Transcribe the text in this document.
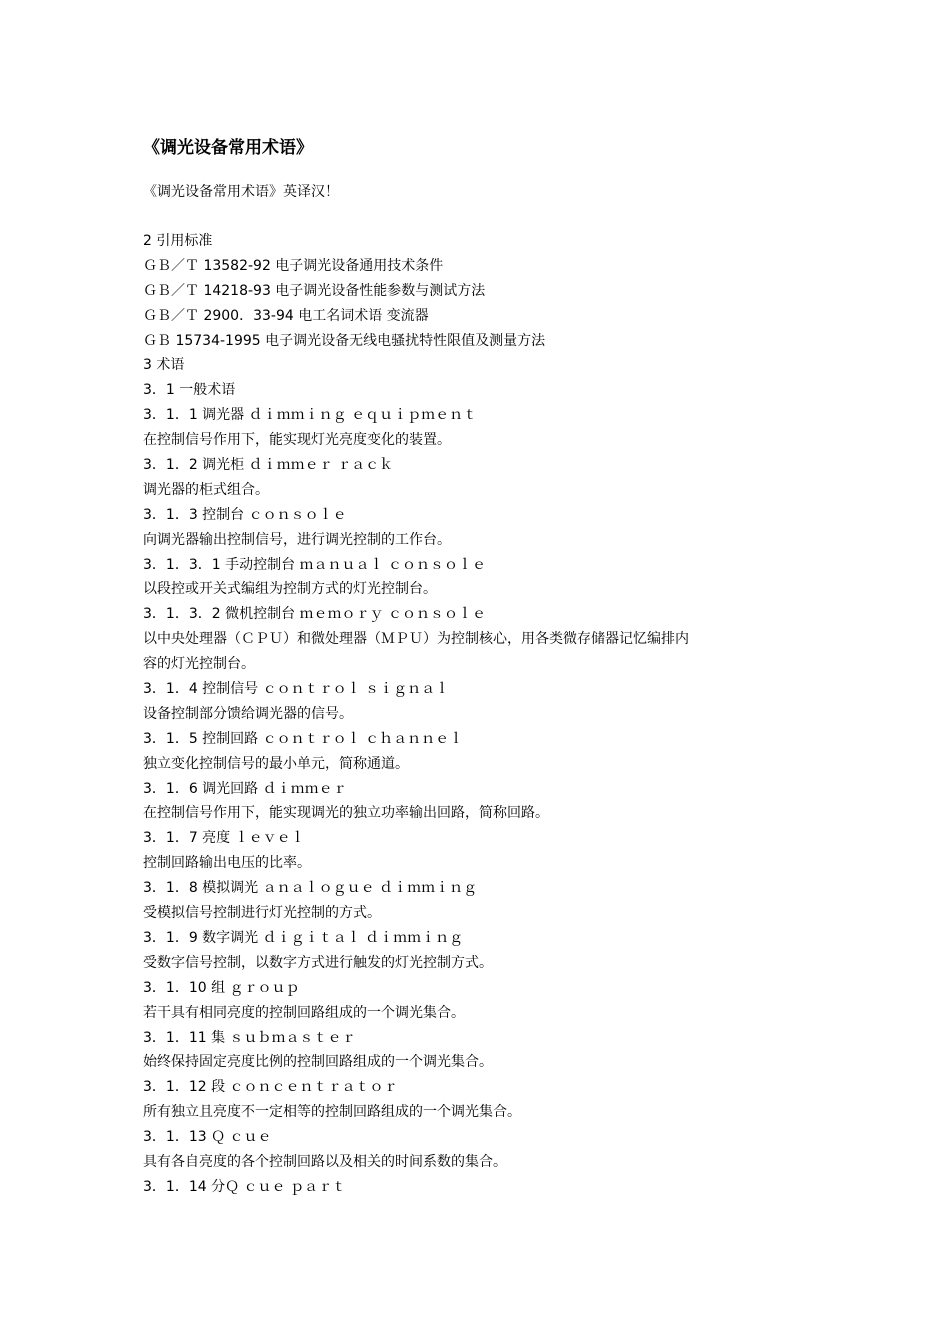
《调光设备常用术语》
《调光设备常用术语》英译汉！
2 引用标准
ＧＢ／Ｔ 13582-92 电子调光设备通用技术条件
ＧＢ／Ｔ 14218-93 电子调光设备性能参数与测试方法
ＧＢ／Ｔ 2900．33-94 电工名词术语 变流器
ＧＢ 15734-1995 电子调光设备无线电骚扰特性限值及测量方法
3 术语
3．1 一般术语
3．1．1 调光器 ｄｉｍｍｉｎｇ ｅｑｕｉｐｍｅｎｔ
在控制信号作用下，能实现灯光亮度变化的装置。
3．1．2 调光柜 ｄｉｍｍｅｒ ｒａｃｋ
调光器的柜式组合。
3．1．3 控制台 ｃｏｎｓｏｌｅ
向调光器输出控制信号，进行调光控制的工作台。
3．1．3．1 手动控制台 ｍａｎｕａｌ ｃｏｎｓｏｌｅ
以段控或开关式编组为控制方式的灯光控制台。
3．1．3．2 微机控制台 ｍｅｍｏｒｙ ｃｏｎｓｏｌｅ
以中央处理器（ＣＰＵ）和微处理器（ＭＰＵ）为控制核心，用各类微存储器记忆编排内
容的灯光控制台。
3．1．4 控制信号 ｃｏｎｔｒｏｌ ｓｉｇｎａｌ
设备控制部分馈给调光器的信号。
3．1．5 控制回路 ｃｏｎｔｒｏｌ ｃｈａｎｎｅｌ
独立变化控制信号的最小单元，简称通道。
3．1．6 调光回路 ｄｉｍｍｅｒ
在控制信号作用下，能实现调光的独立功率输出回路，简称回路。
3．1．7 亮度 ｌｅｖｅｌ
控制回路输出电压的比率。
3．1．8 模拟调光 ａｎａｌｏｇｕｅ ｄｉｍｍｉｎｇ
受模拟信号控制进行灯光控制的方式。
3．1．9 数字调光 ｄｉｇｉｔａｌ ｄｉｍｍｉｎｇ
受数字信号控制，以数字方式进行触发的灯光控制方式。
3．1．10 组 ｇｒｏｕｐ
若干具有相同亮度的控制回路组成的一个调光集合。
3．1．11 集 ｓｕｂｍａｓｔｅｒ
始终保持固定亮度比例的控制回路组成的一个调光集合。
3．1．12 段 ｃｏｎｃｅｎｔｒａｔｏｒ
所有独立且亮度不一定相等的控制回路组成的一个调光集合。
3．1．13 Ｑ ｃｕｅ
具有各自亮度的各个控制回路以及相关的时间系数的集合。
3．1．14 分Ｑ ｃｕｅ ｐａｒｔ
